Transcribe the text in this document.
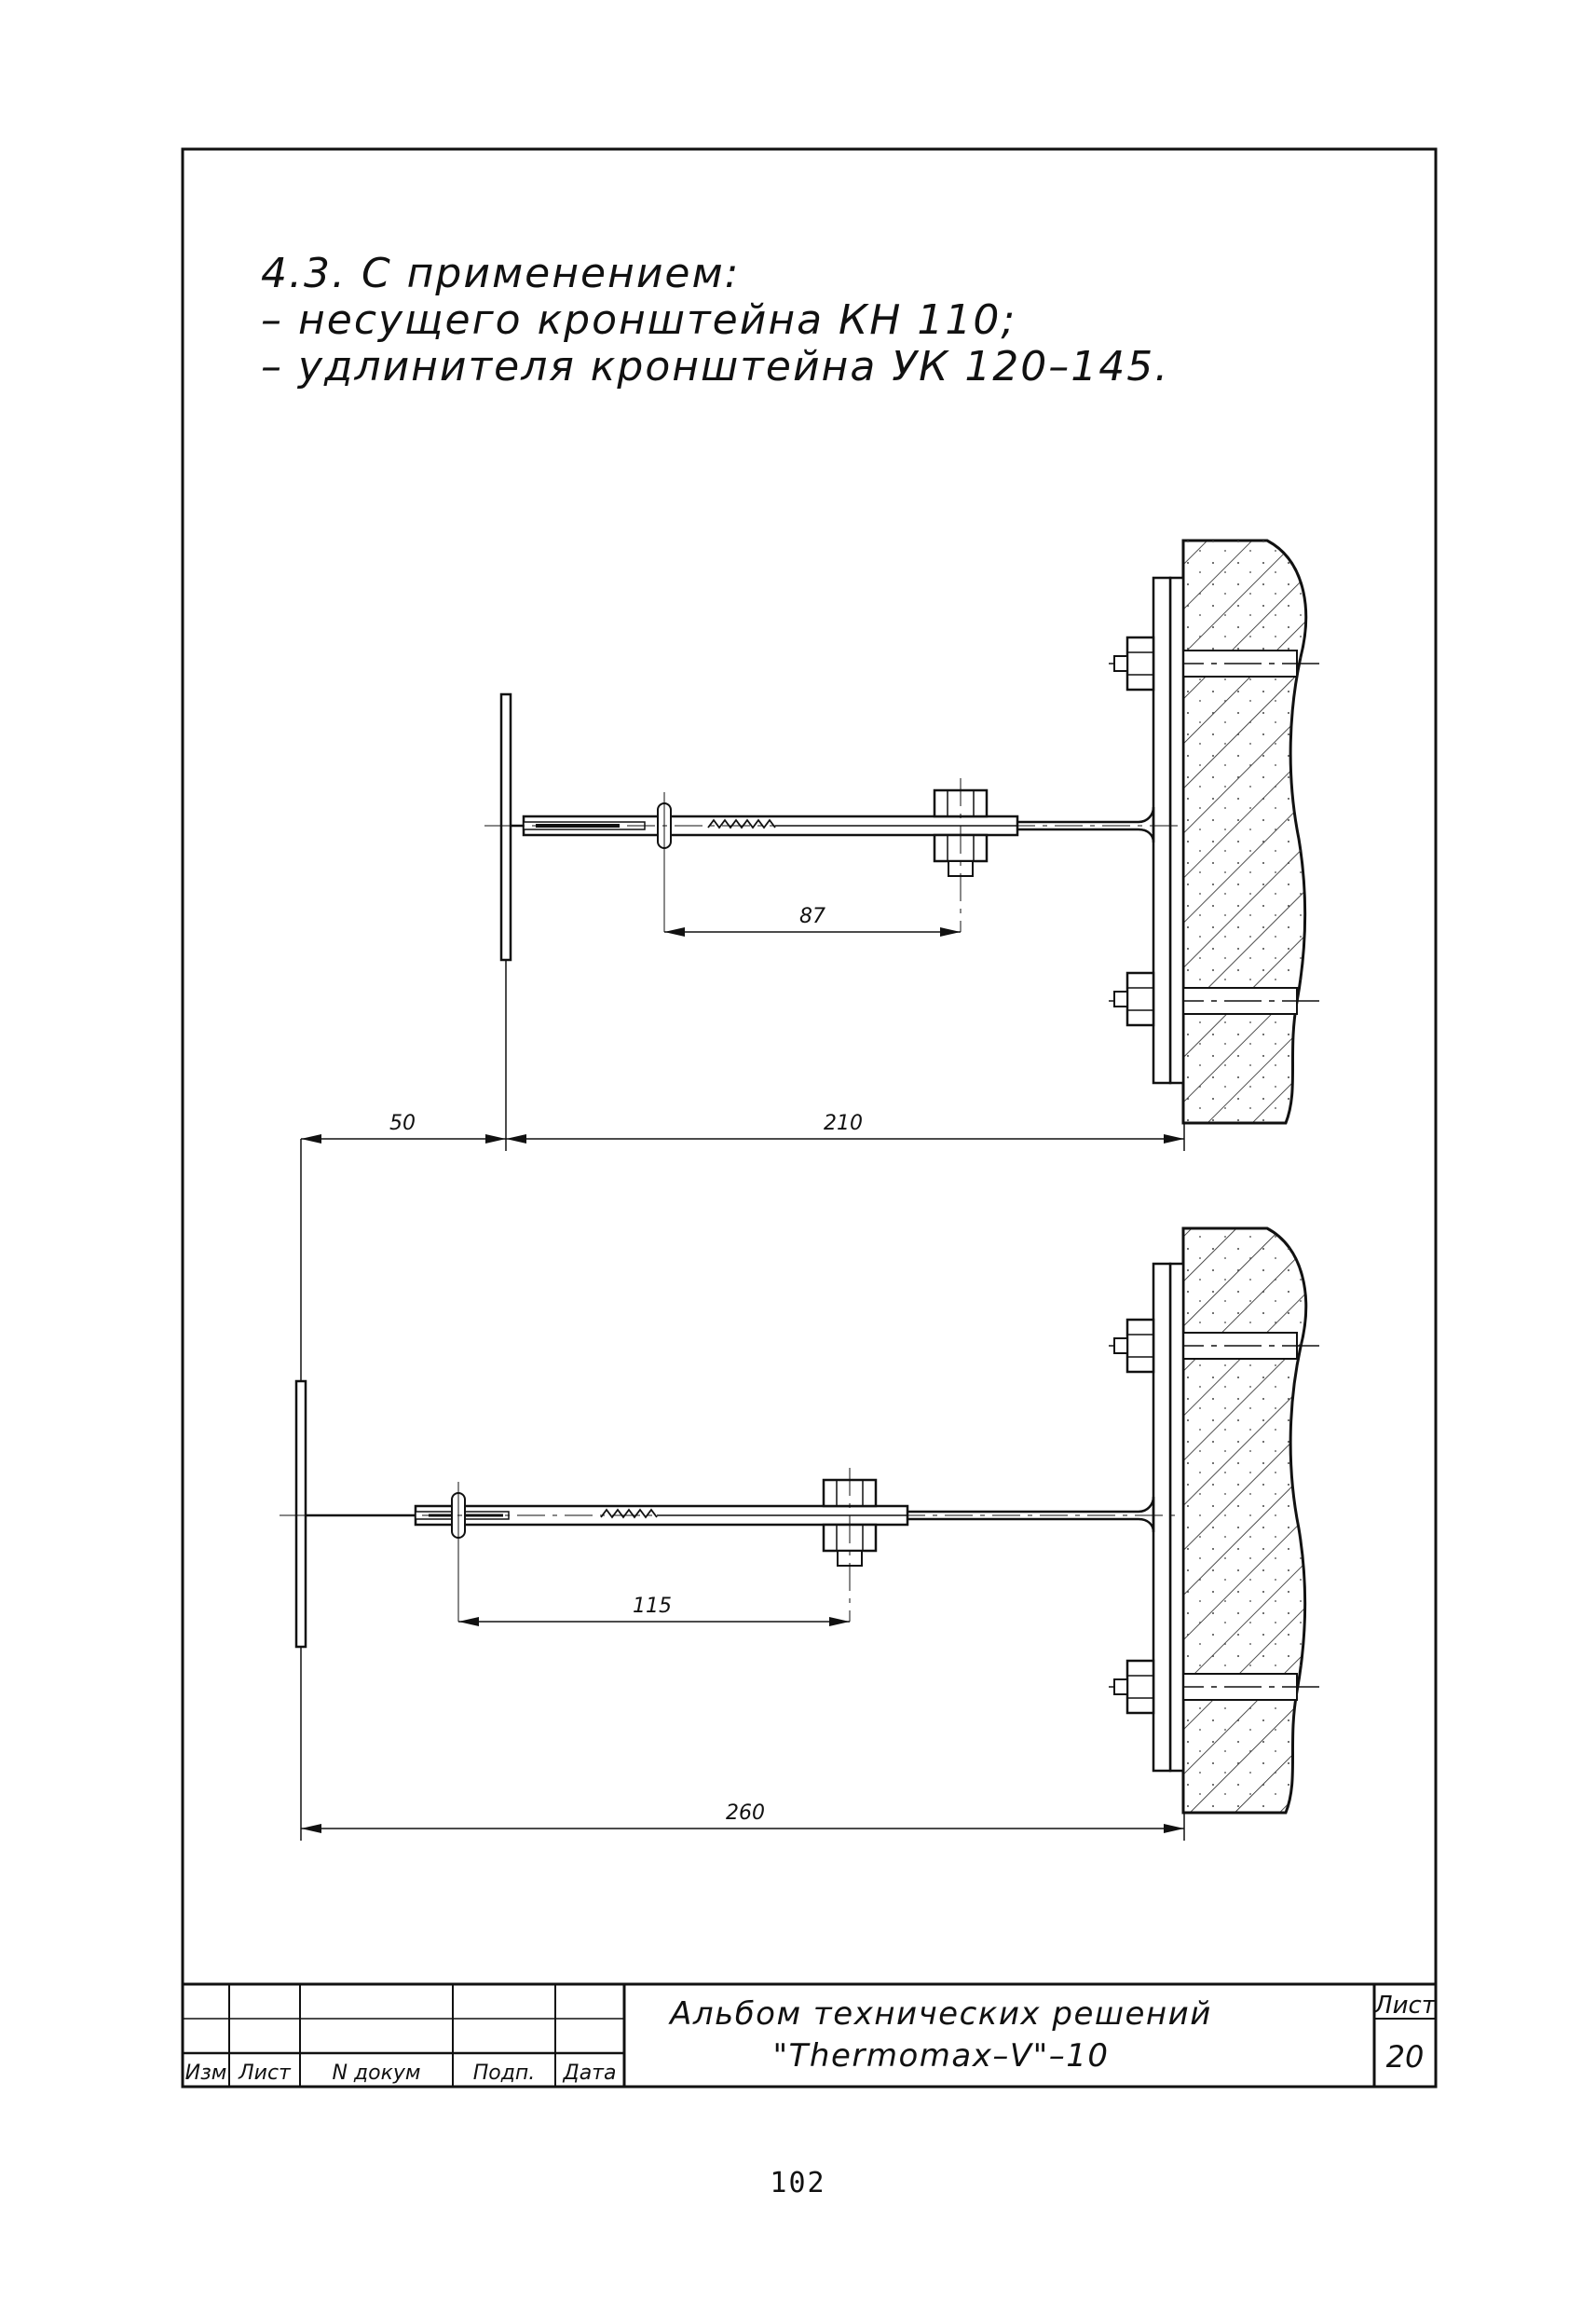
87
50	210
115
260
Изм Лист N докум	Подп. Дата
Альбом технических решений
"Thermomax–V"–10
Лист
20
4.3. С применением:
– несущего кронштейна КН 110;
– удлинителя кронштейна УК 120–145.
102
